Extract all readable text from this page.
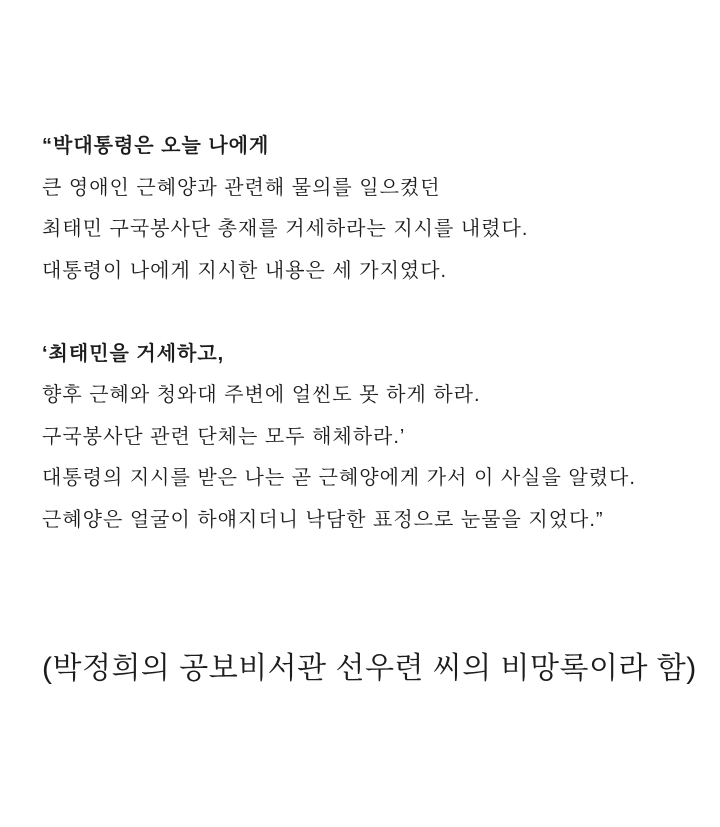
“박대통령은 오늘 나에게

큰 영애인 근혜양과 관련해 물의를 일으켰던

최태민 구국봉사단 총재를 거세하라는 지시를 내렸다.

대통령이 나에게 지시한 내용은 세 가지였다.

‘최태민을 거세하고,

향후 근혜와 청와대 주변에 얼씬도 못 하게 하라.

구국봉사단 관련 단체는 모두 해체하라.’

대통령의 지시를 받은 나는 곧 근혜양에게 가서 이 사실을 알렸다.

근혜양은 얼굴이 하얘지더니 낙담한 표정으로 눈물을 지었다.”

(박정희의 공보비서관 선우련 씨의 비망록이라 함)
